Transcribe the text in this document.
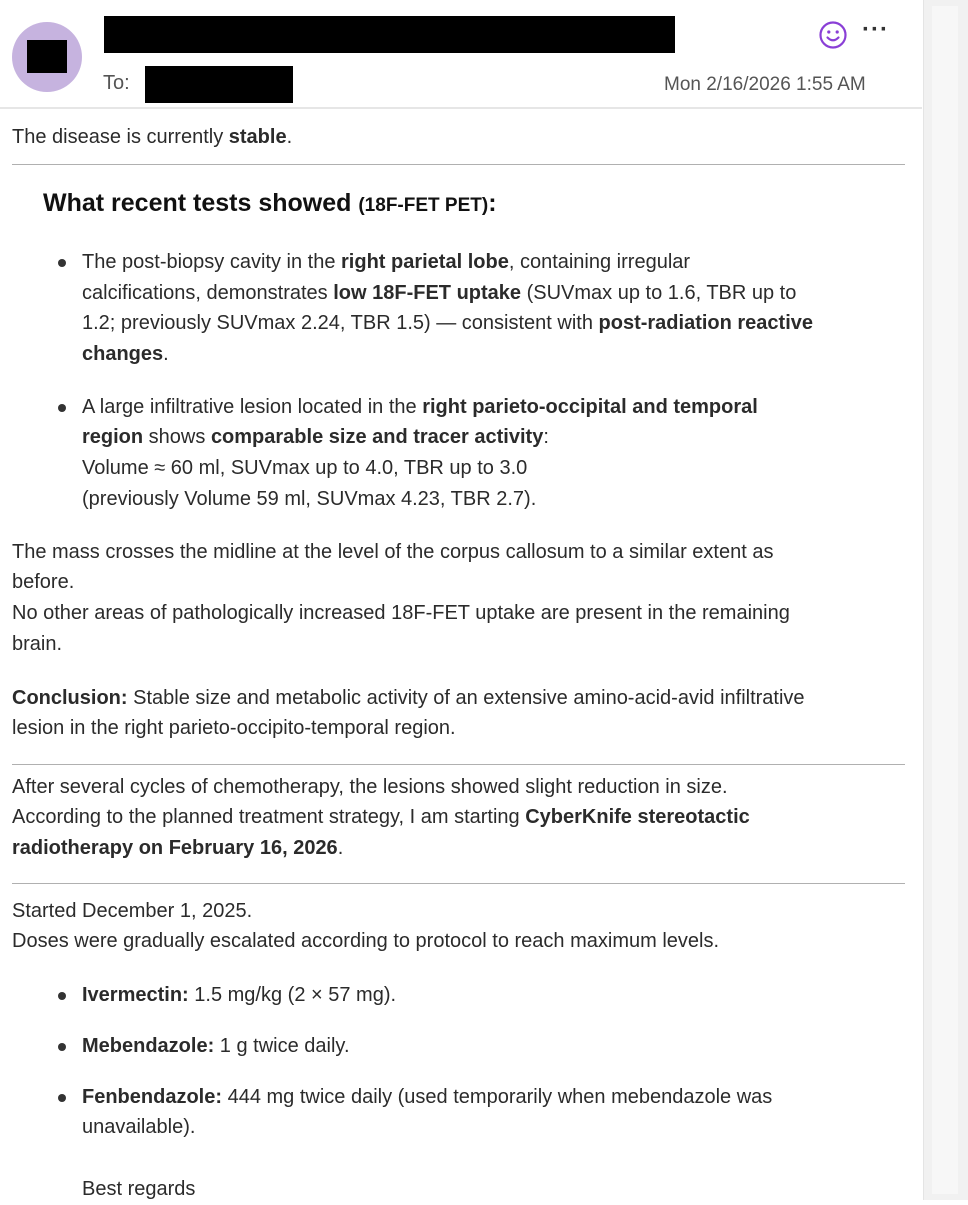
To:	Mon 2/16/2026 1:55 AM
···
The disease is currently stable.
What recent tests showed (18F-FET PET):
The post-biopsy cavity in the right parietal lobe, containing irregular
calcifications, demonstrates low 18F-FET uptake (SUVmax up to 1.6, TBR up to
1.2; previously SUVmax 2.24, TBR 1.5) — consistent with post-radiation reactive
changes.
A large infiltrative lesion located in the right parieto-occipital and temporal
region shows comparable size and tracer activity:
Volume ≈ 60 ml, SUVmax up to 4.0, TBR up to 3.0
(previously Volume 59 ml, SUVmax 4.23, TBR 2.7).
The mass crosses the midline at the level of the corpus callosum to a similar extent as
before.
No other areas of pathologically increased 18F-FET uptake are present in the remaining
brain.
Conclusion: Stable size and metabolic activity of an extensive amino-acid-avid infiltrative
lesion in the right parieto-occipito-temporal region.
After several cycles of chemotherapy, the lesions showed slight reduction in size.
According to the planned treatment strategy, I am starting CyberKnife stereotactic
radiotherapy on February 16, 2026.
Started December 1, 2025.
Doses were gradually escalated according to protocol to reach maximum levels.
Ivermectin: 1.5 mg/kg (2 × 57 mg).
Mebendazole: 1 g twice daily.
Fenbendazole: 444 mg twice daily (used temporarily when mebendazole was
unavailable).
Best regards
